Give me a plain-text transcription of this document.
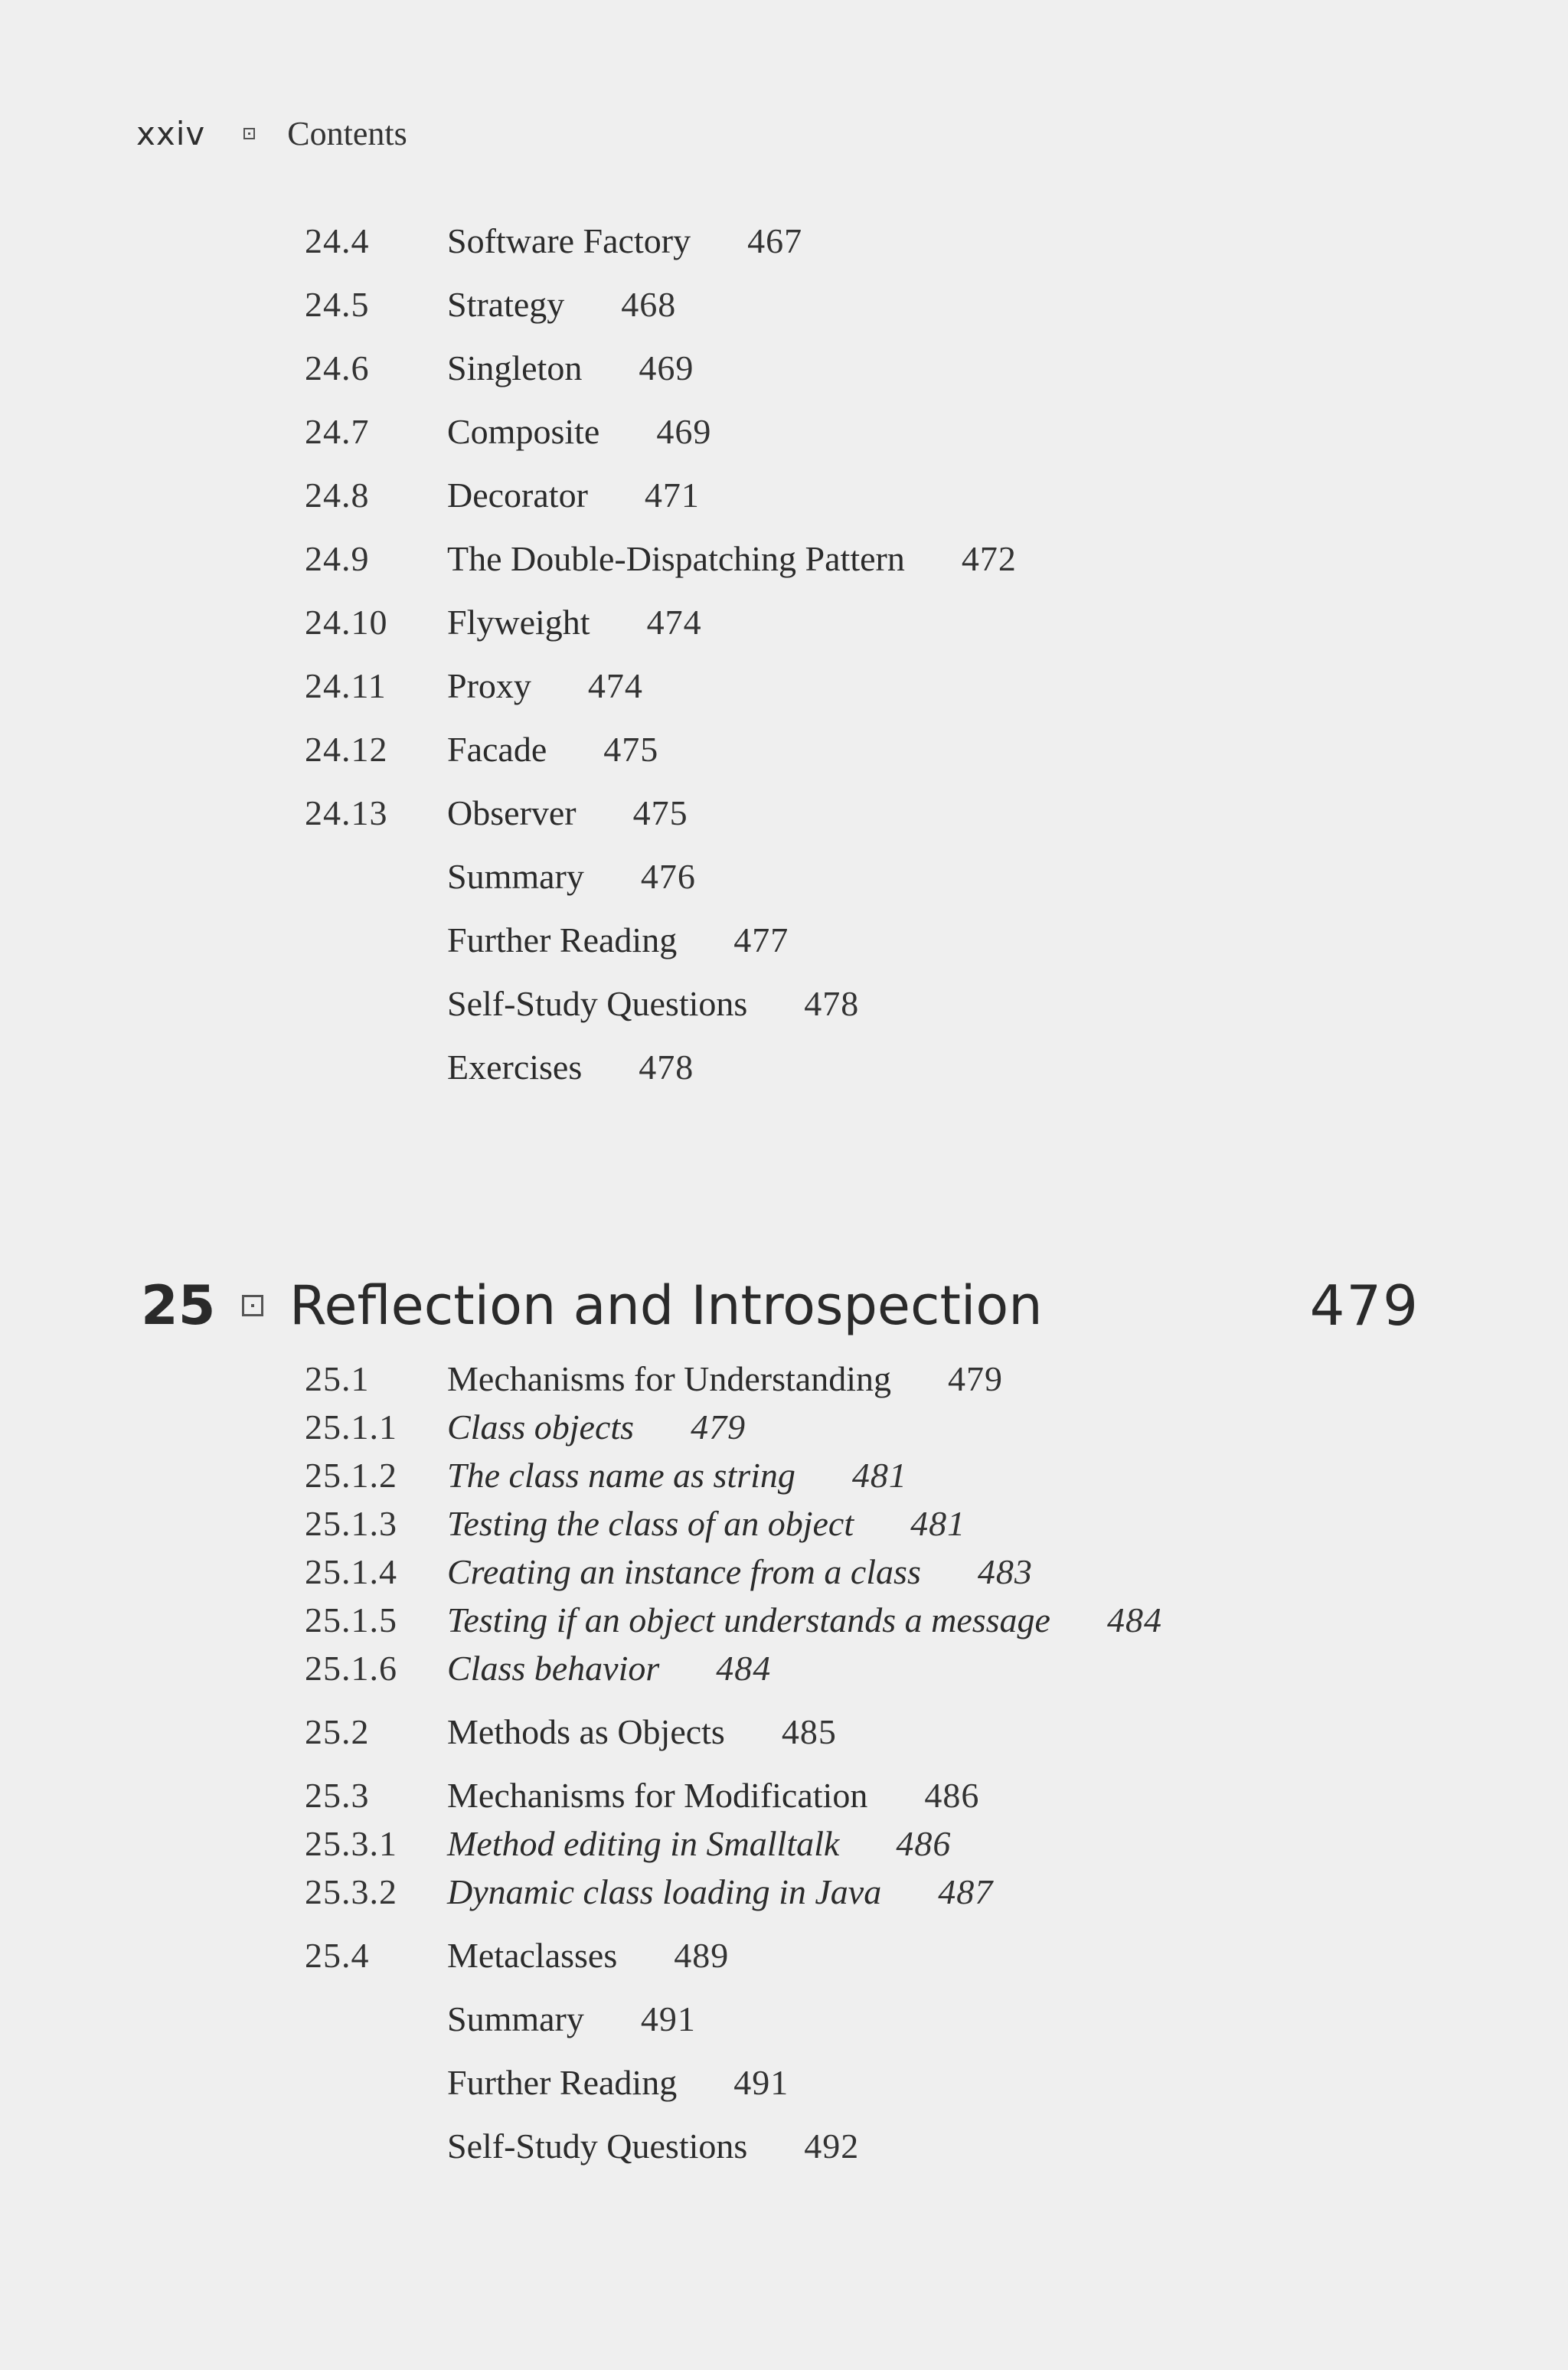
xxiv Contents
24.4	Software Factory 467
24.5	Strategy 468
24.6	Singleton 469
24.7	Composite 469
24.8	Decorator 471
24.9	The Double-Dispatching Pattern 472
24.10	Flyweight 474
24.11	Proxy 474
24.12	Facade 475
24.13	Observer 475
Summary 476
Further Reading 477
Self-Study Questions 478
Exercises 478
25	Reflection and Introspection	479
25.1	Mechanisms for Understanding 479
25.1.1	Class objects 479
25.1.2	The class name as string 481
25.1.3	Testing the class of an object 481
25.1.4	Creating an instance from a class 483
25.1.5	Testing if an object understands a message 484
25.1.6	Class behavior 484
25.2	Methods as Objects 485
25.3	Mechanisms for Modification 486
25.3.1	Method editing in Smalltalk 486
25.3.2	Dynamic class loading in Java 487
25.4	Metaclasses 489
Summary 491
Further Reading 491
Self-Study Questions 492
